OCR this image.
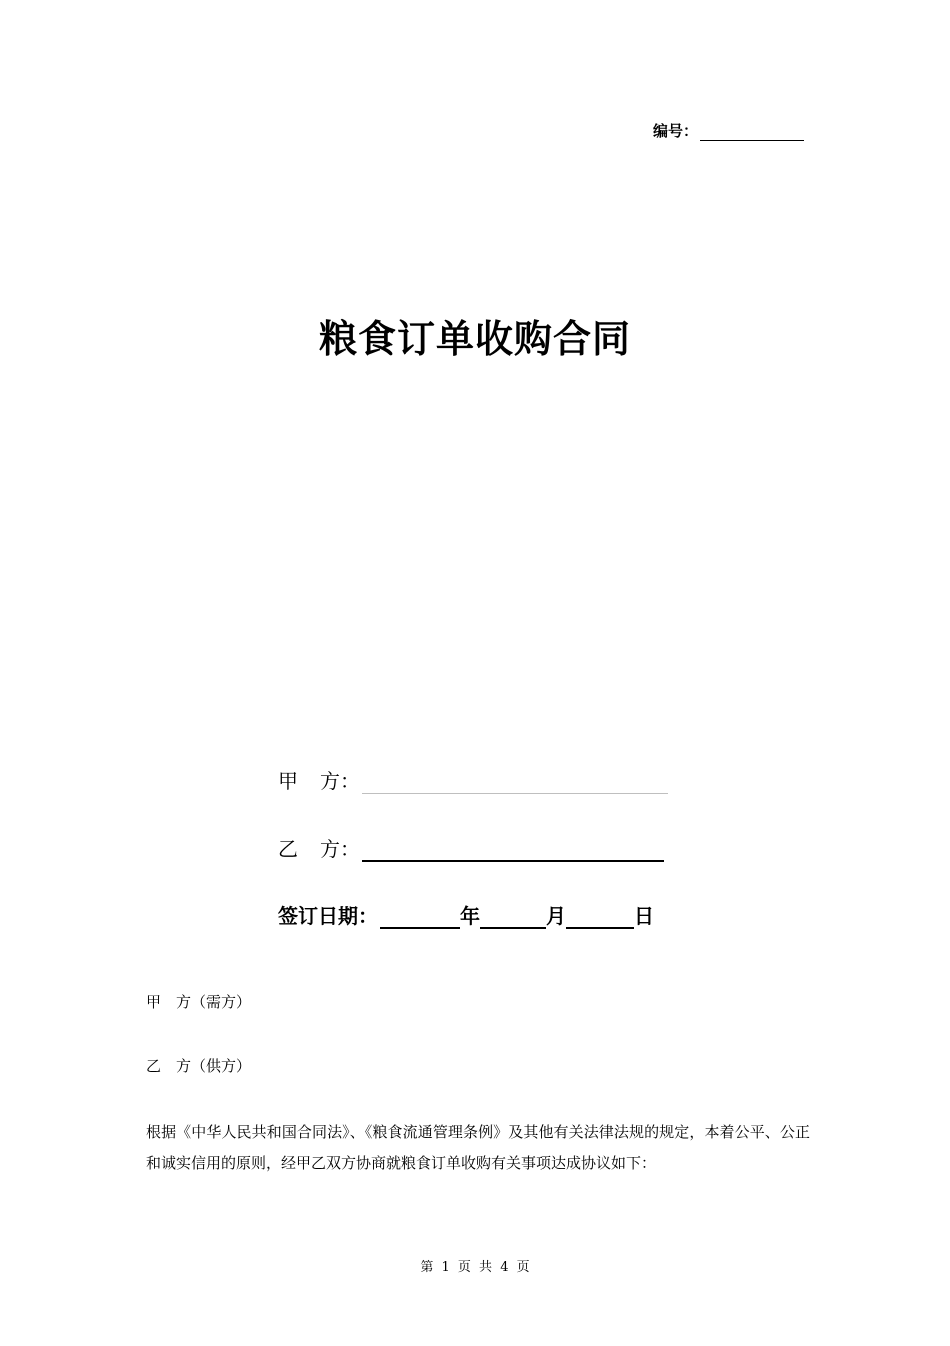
编号：
粮食订单收购合同
甲 方：
乙 方：
签订日期：	年	月	日
甲　方（需方）
乙　方（供方）
根据《中华人民共和国合同法》、《粮食流通管理条例》及其他有关法律法规的规定，本着公平、公正和诚实信用的原则，经甲乙双方协商就粮食订单收购有关事项达成协议如下：
第 1 页 共 4 页
